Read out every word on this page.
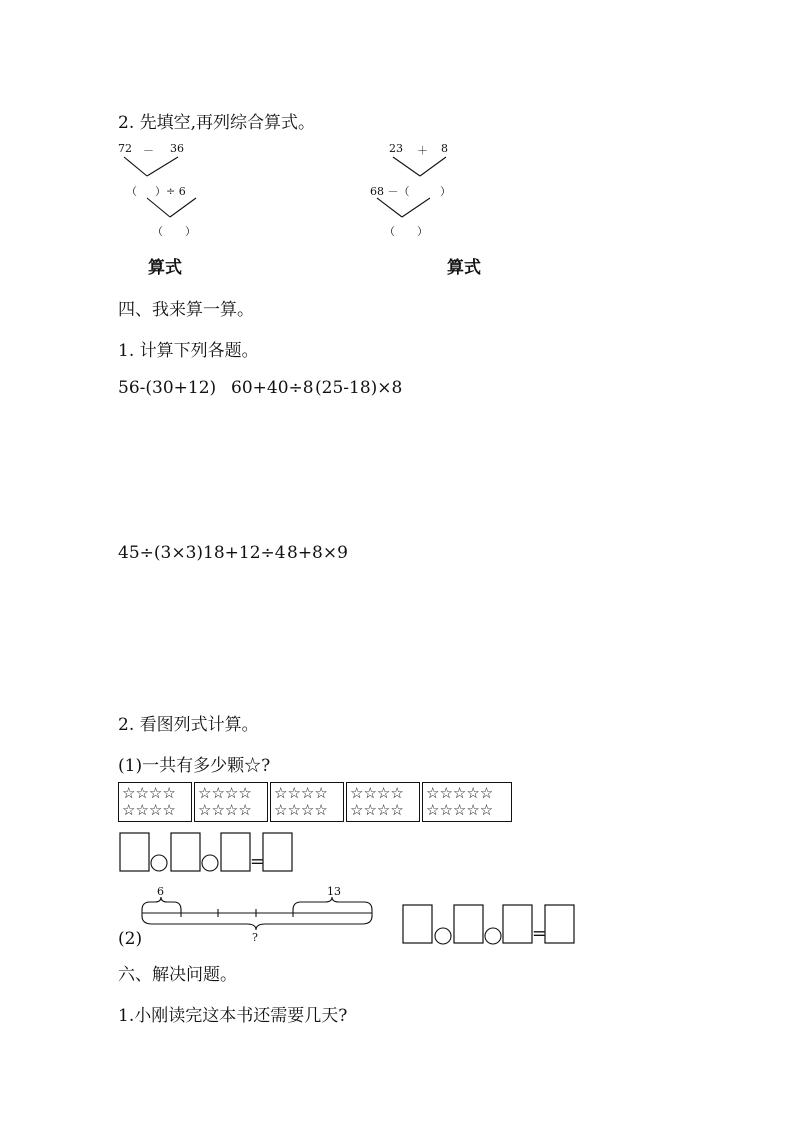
2. 先填空,再列综合算式。
72 － 36
（ ）÷ 6
（　　）
算式
23 ＋ 8
68 －（	）
（　　）
算式
四、我来算一算。
1. 计算下列各题。
56-(30+12) 60+40÷8 (25-18)×8
45÷(3×3) 18+12÷4 8+8×9
2. 看图列式计算。
(1)一共有多少颗☆?
☆☆☆☆
☆☆☆☆
☆☆☆☆
☆☆☆☆
☆☆☆☆
☆☆☆☆
☆☆☆☆
☆☆☆☆
☆☆☆☆☆
☆☆☆☆☆
=
6	13
?
(2)	=
六、解决问题。
1.小刚读完这本书还需要几天?
